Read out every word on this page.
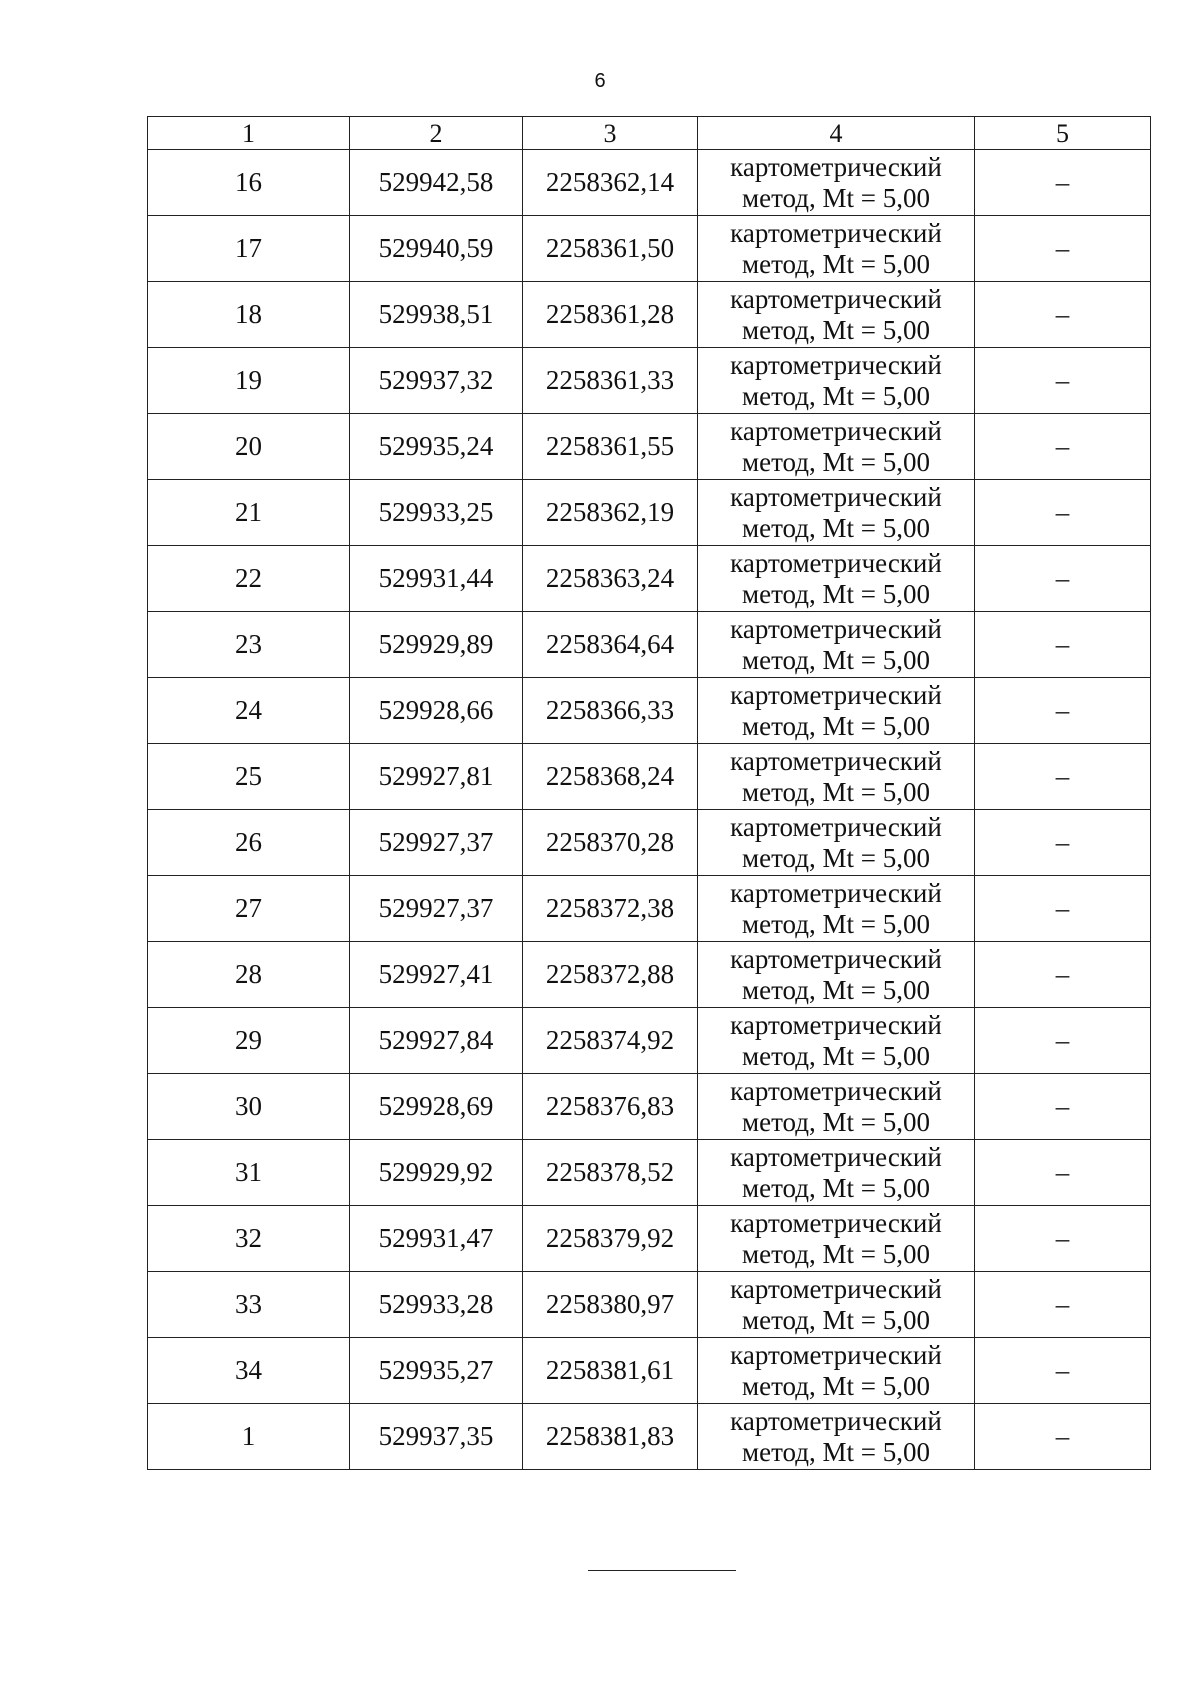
6
1	2	3	4	5
16	529942,58	2258362,14	картометрический
метод, Mt = 5,00	–
17	529940,59	2258361,50	картометрический
метод, Mt = 5,00	–
18	529938,51	2258361,28	картометрический
метод, Mt = 5,00	–
19	529937,32	2258361,33	картометрический
метод, Mt = 5,00	–
20	529935,24	2258361,55	картометрический
метод, Mt = 5,00	–
21	529933,25	2258362,19	картометрический
метод, Mt = 5,00	–
22	529931,44	2258363,24	картометрический
метод, Mt = 5,00	–
23	529929,89	2258364,64	картометрический
метод, Mt = 5,00	–
24	529928,66	2258366,33	картометрический
метод, Mt = 5,00	–
25	529927,81	2258368,24	картометрический
метод, Mt = 5,00	–
26	529927,37	2258370,28	картометрический
метод, Mt = 5,00	–
27	529927,37	2258372,38	картометрический
метод, Mt = 5,00	–
28	529927,41	2258372,88	картометрический
метод, Mt = 5,00	–
29	529927,84	2258374,92	картометрический
метод, Mt = 5,00	–
30	529928,69	2258376,83	картометрический
метод, Mt = 5,00	–
31	529929,92	2258378,52	картометрический
метод, Mt = 5,00	–
32	529931,47	2258379,92	картометрический
метод, Mt = 5,00	–
33	529933,28	2258380,97	картометрический
метод, Mt = 5,00	–
34	529935,27	2258381,61	картометрический
метод, Mt = 5,00	–
1	529937,35	2258381,83	картометрический
метод, Mt = 5,00	–
